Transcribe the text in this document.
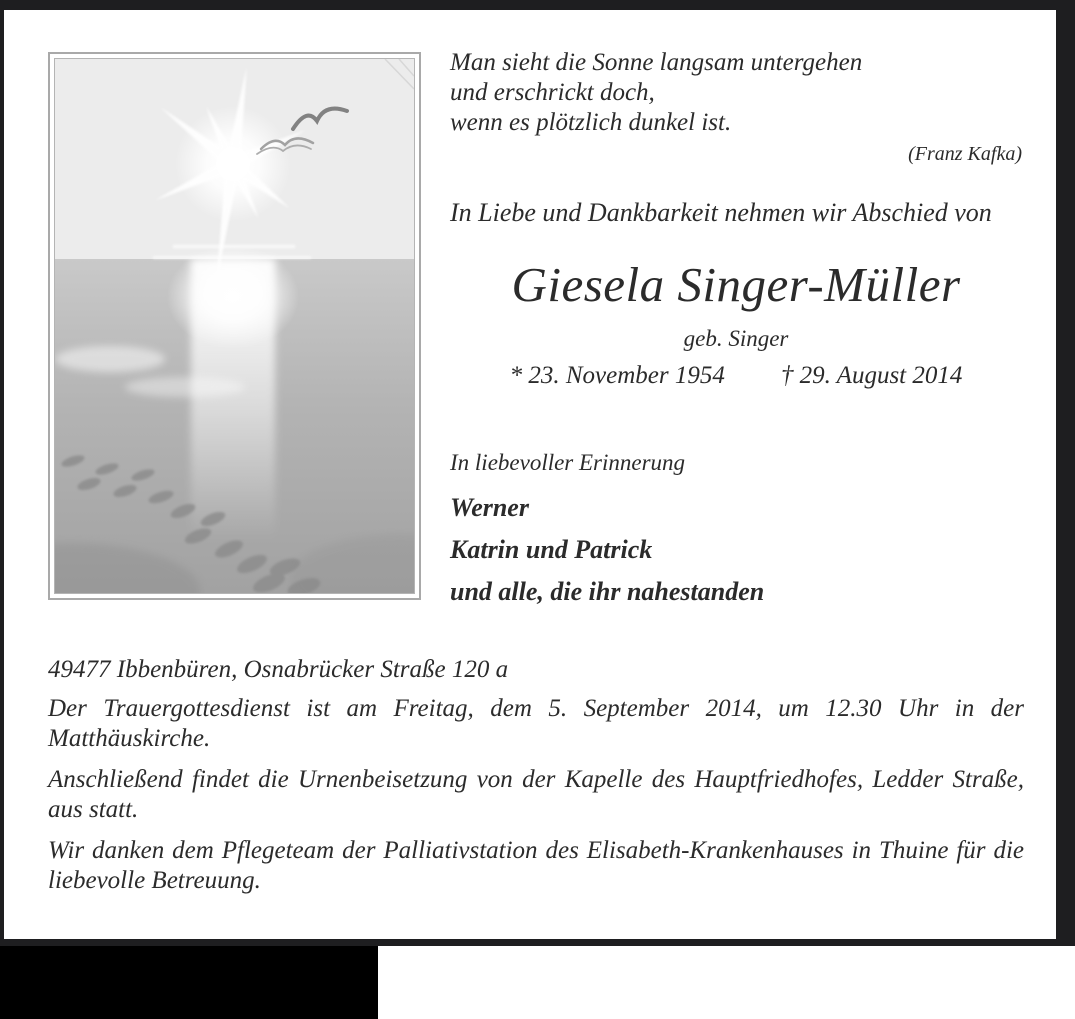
Man sieht die Sonne langsam untergehen
und erschrickt doch,
wenn es plötzlich dunkel ist.
(Franz Kafka)
In Liebe und Dankbarkeit nehmen wir Abschied von
Giesela Singer-Müller
geb. Singer
* 23. November 1954 † 29. August 2014
In liebevoller Erinnerung
Werner
Katrin und Patrick
und alle, die ihr nahestanden
49477 Ibbenbüren, Osnabrücker Straße 120 a

Der Trauergottesdienst ist am Freitag, dem 5. September 2014, um 12.30 Uhr in der Matthäuskirche.

Anschließend findet die Urnenbeisetzung von der Kapelle des Hauptfriedhofes, Ledder Straße, aus statt.

Wir danken dem Pflegeteam der Palliativstation des Elisabeth-Krankenhauses in Thuine für die liebevolle Betreuung.
